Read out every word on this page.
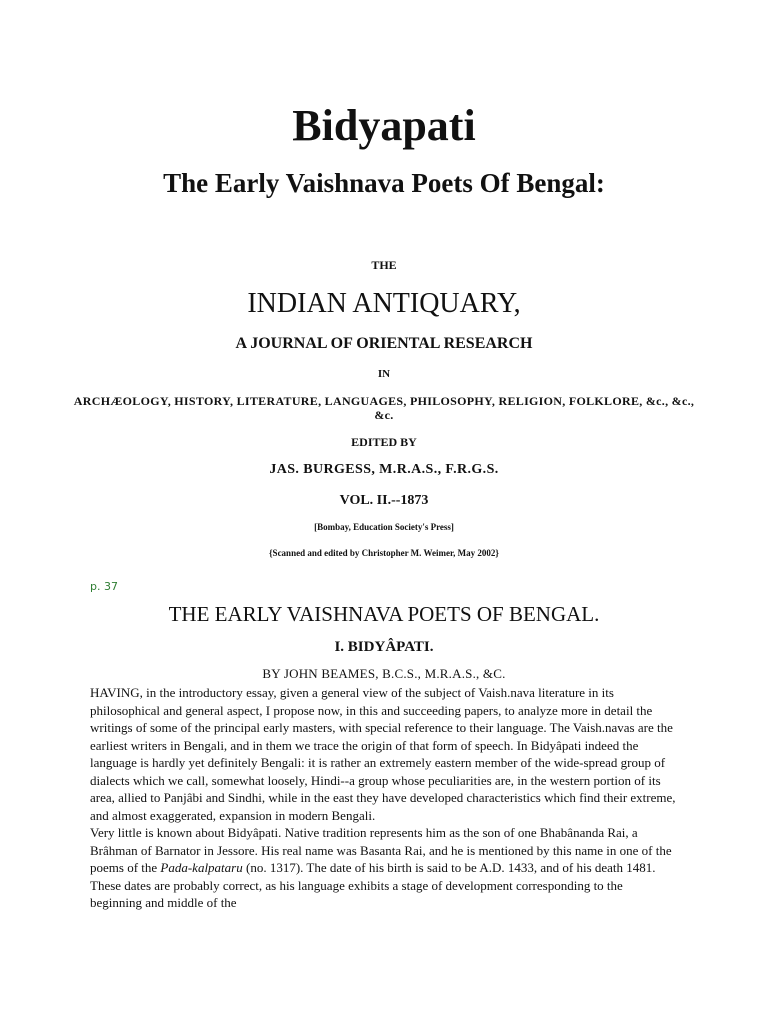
Bidyapati
The Early Vaishnava Poets Of Bengal:
THE
INDIAN ANTIQUARY,
A JOURNAL OF ORIENTAL RESEARCH
IN
ARCHÆOLOGY, HISTORY, LITERATURE, LANGUAGES, PHILOSOPHY, RELIGION, FOLKLORE, &c., &c., &c.
EDITED BY
JAS. BURGESS, M.R.A.S., F.R.G.S.
VOL. II.--1873
[Bombay, Education Society's Press]
{Scanned and edited by Christopher M. Weimer, May 2002}
p. 37
THE EARLY VAISHNAVA POETS OF BENGAL.
I. BIDYÂPATI.
BY JOHN BEAMES, B.C.S., M.R.A.S., &C.

HAVING, in the introductory essay, given a general view of the subject of Vaish.nava literature in its philosophical and general aspect, I propose now, in this and succeeding papers, to analyze more in detail the writings of some of the principal early masters, with special reference to their language. The Vaish.navas are the earliest writers in Bengali, and in them we trace the origin of that form of speech. In Bidyâpati indeed the language is hardly yet definitely Bengali: it is rather an extremely eastern member of the wide-spread group of dialects which we call, somewhat loosely, Hindi--a group whose peculiarities are, in the western portion of its area, allied to Panjâbi and Sindhi, while in the east they have developed characteristics which find their extreme, and almost exaggerated, expansion in modern Bengali.

Very little is known about Bidyâpati. Native tradition represents him as the son of one Bhabânanda Rai, a Brâhman of Barnator in Jessore. His real name was Basanta Rai, and he is mentioned by this name in one of the poems of the Pada-kalpataru (no. 1317). The date of his birth is said to be A.D. 1433, and of his death 1481. These dates are probably correct, as his language exhibits a stage of development corresponding to the beginning and middle of the
